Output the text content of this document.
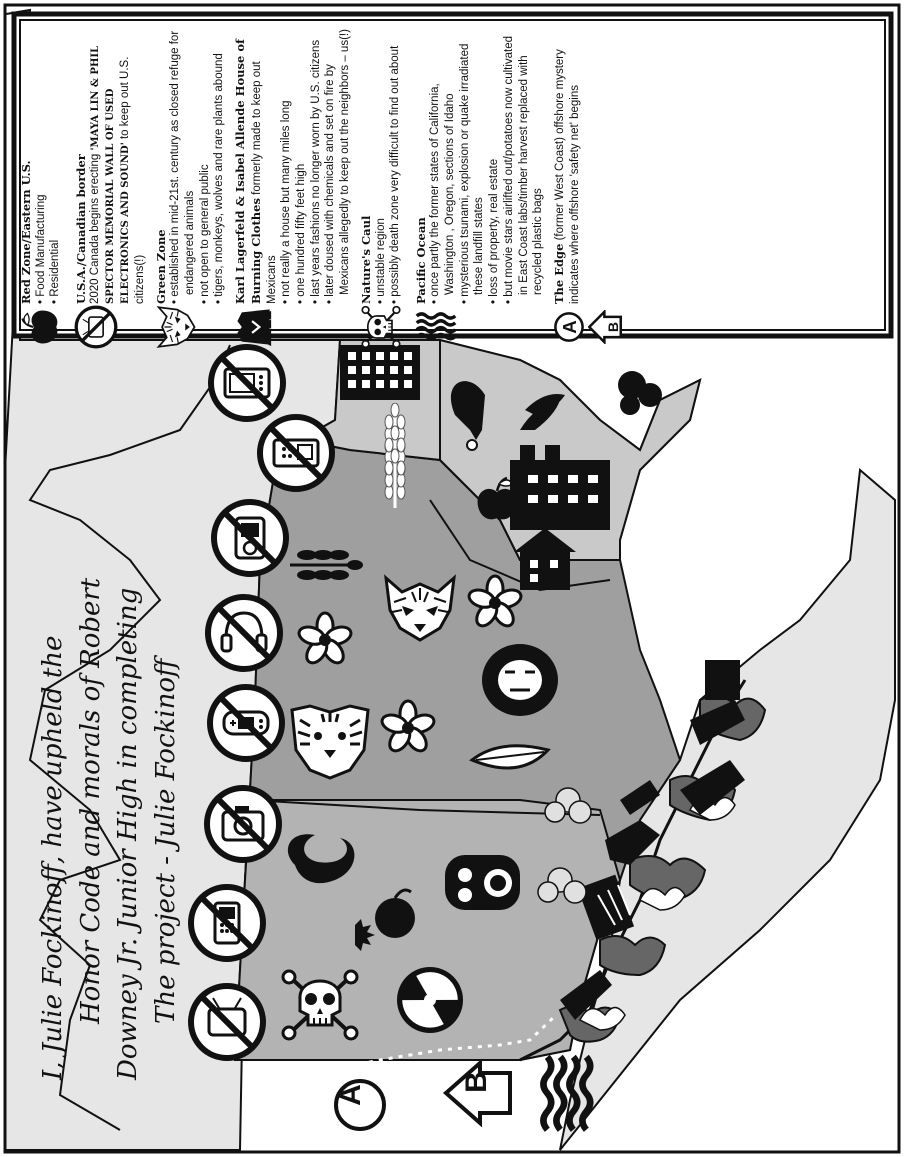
A
B
I, Julie Fockinoff, have upheld the Honor Code and morals of Robert Downey Jr. Junior High in completing The project - Julie Fockinoff
Red Zone/Eastern U.S. • Food Manufacturing • Residential U.S.A./Canadian border 2020 Canada begins erecting 'MAYA LIN & PHIL SPECTOR MEMORIAL WALL OF USED ELECTRONICS AND SOUND' to keep out U.S. citizens(!) Green Zone • established in mid-21st. century as closed refuge for endangered animals • not open to general public • tigers, monkeys, wolves and rare plants abound Karl Lagerfeld & Isabel Allende House of Burning Clothes formerly made to keep out Mexicans • not really a house but many miles long • one hundred fifty feet high • last years fashions no longer worn by U.S. citizens • later doused with chemicals and set on fire by Mexicans allegedly to keep out the neighbors – us(!) Nature's Caul • unstable region • possibly death zone very difficult to find out about Pacific Ocean • once partly the former states of California, Washington , Oregon, sections of Idaho • mysterious tsunami, explosion or quake irradiated these landfill states • loss of property, real estate • but movie stars airlifted out/potatoes now cultivated in East Coast labs/timber harvest replaced with recycled plastic bags
A B
The Edge (former West Coast) offshore mystery indicates where offshore 'safety net' begins
